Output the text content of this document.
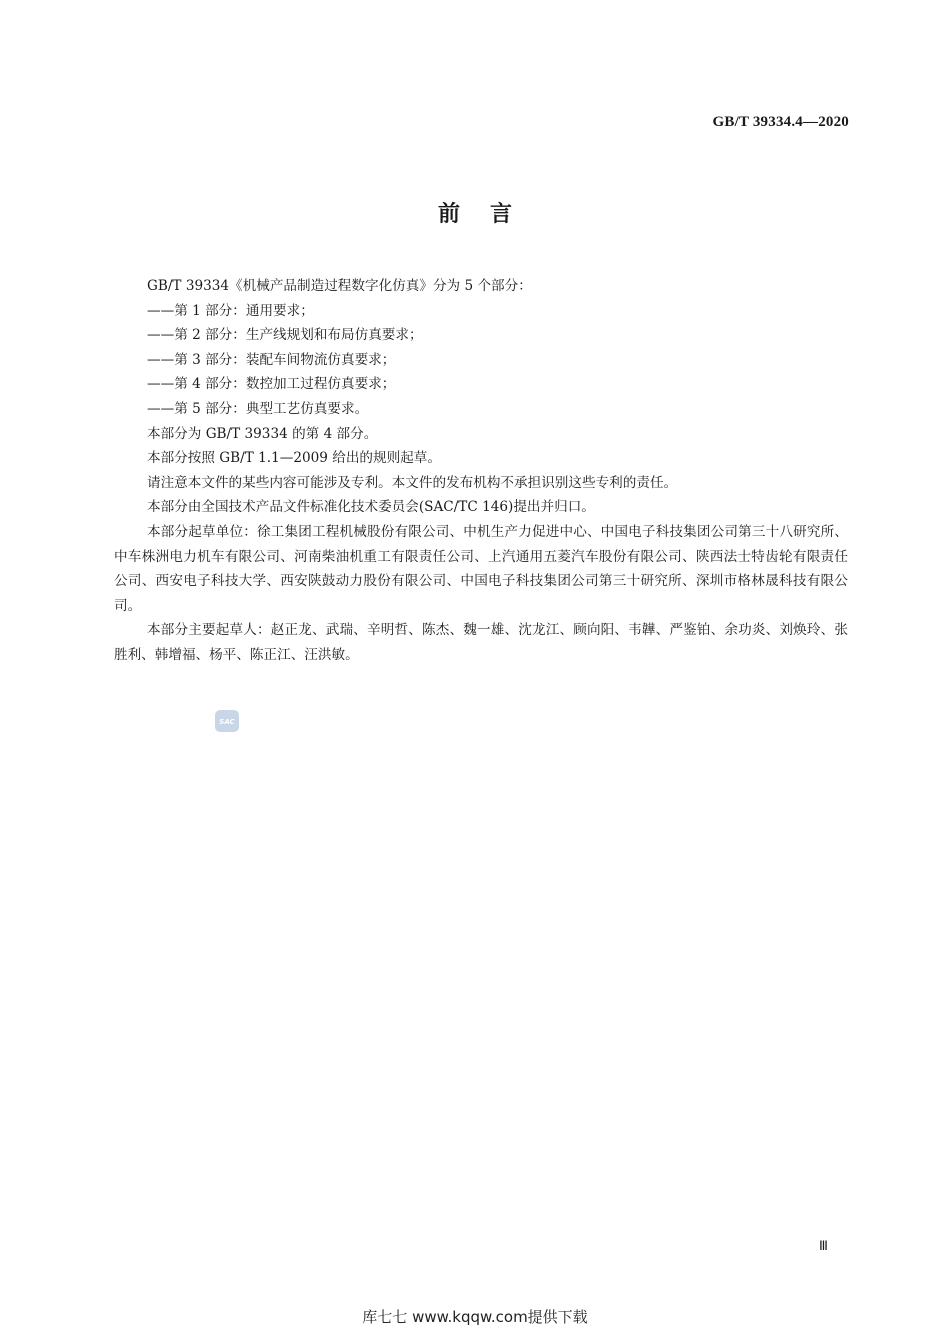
GB/T 39334.4—2020
前言

GB/T 39334《机械产品制造过程数字化仿真》分为 5 个部分：

——第 1 部分：通用要求；

——第 2 部分：生产线规划和布局仿真要求；

——第 3 部分：装配车间物流仿真要求；

——第 4 部分：数控加工过程仿真要求；

——第 5 部分：典型工艺仿真要求。

本部分为 GB/T 39334 的第 4 部分。

本部分按照 GB/T 1.1—2009 给出的规则起草。

请注意本文件的某些内容可能涉及专利。本文件的发布机构不承担识别这些专利的责任。

本部分由全国技术产品文件标准化技术委员会(SAC/TC 146)提出并归口。

本部分起草单位：徐工集团工程机械股份有限公司、中机生产力促进中心、中国电子科技集团公司第三十八研究所、中车株洲电力机车有限公司、河南柴油机重工有限责任公司、上汽通用五菱汽车股份有限公司、陕西法士特齿轮有限责任公司、西安电子科技大学、西安陕鼓动力股份有限公司、中国电子科技集团公司第三十研究所、深圳市格林晟科技有限公司。

本部分主要起草人：赵正龙、武瑞、辛明哲、陈杰、魏一雄、沈龙江、顾向阳、韦韡、严鉴铂、余功炎、刘焕玲、张胜利、韩增福、杨平、陈正江、汪洪敏。

SAC
Ⅲ
库七七 www.kqqw.com提供下载
